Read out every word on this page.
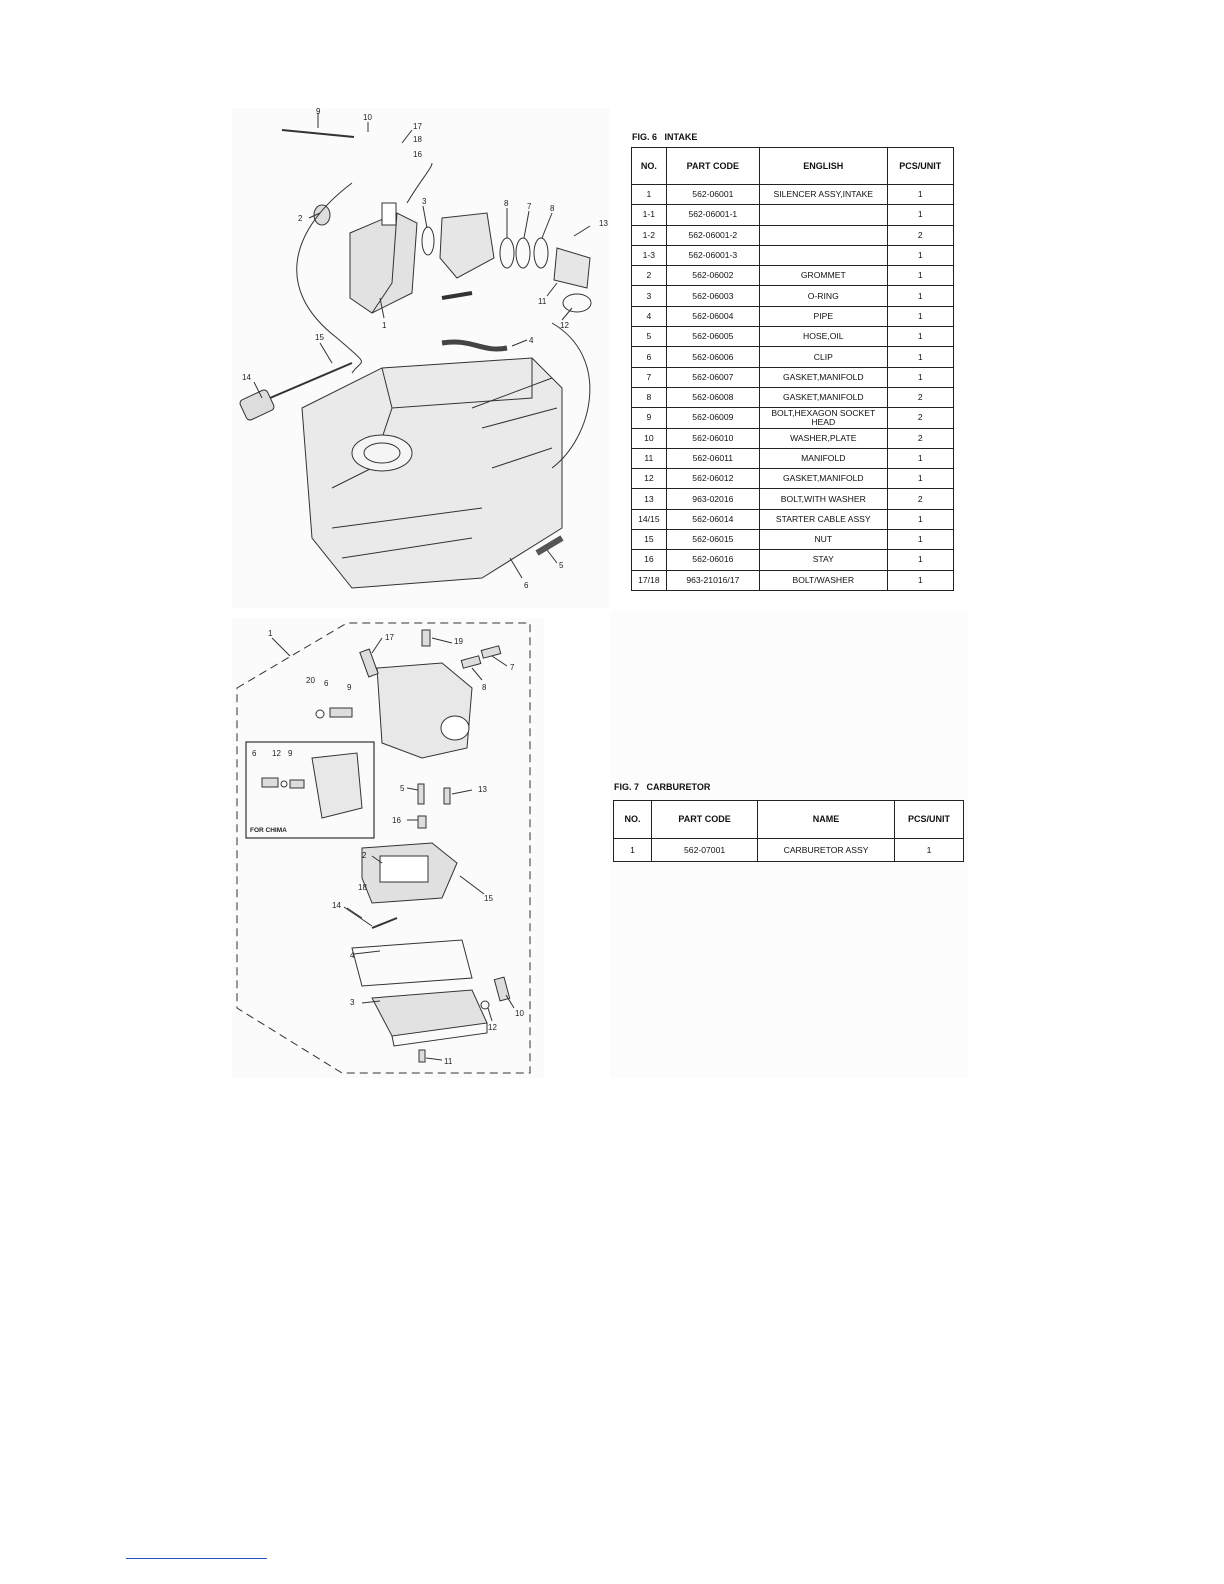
9
10
17
18
16
2
3	8 7 8
13
1
11
12
4
15
14
6
5
FIG. 6   INTAKE
NO.	PART CODE	ENGLISH	PCS/UNIT
1	562-06001	SILENCER ASSY,INTAKE	1
1-1	562-06001-1		1
1-2	562-06001-2		2
1-3	562-06001-3		1
2	562-06002	GROMMET	1
3	562-06003	O-RING	1
4	562-06004	PIPE	1
5	562-06005	HOSE,OIL	1
6	562-06006	CLIP	1
7	562-06007	GASKET,MANIFOLD	1
8	562-06008	GASKET,MANIFOLD	2
9	562-06009	BOLT,HEXAGON SOCKET HEAD	2
10	562-06010	WASHER,PLATE	2
11	562-06011	MANIFOLD	1
12	562-06012	GASKET,MANIFOLD	1
13	963-02016	BOLT,WITH WASHER	2
14/15	562-06014	STARTER CABLE ASSY	1
15	562-06015	NUT	1
16	562-06016	STAY	1
17/18	963-21016/17	BOLT/WASHER	1
1	17	19
7
8
20 6 9
6 12 9
FOR CHIMA
5	13
16
2
18
15
14
4
3
12
10
11
FIG. 7   CARBURETOR
NO.	PART CODE	NAME	PCS/UNIT
1	562-07001	CARBURETOR ASSY	1
